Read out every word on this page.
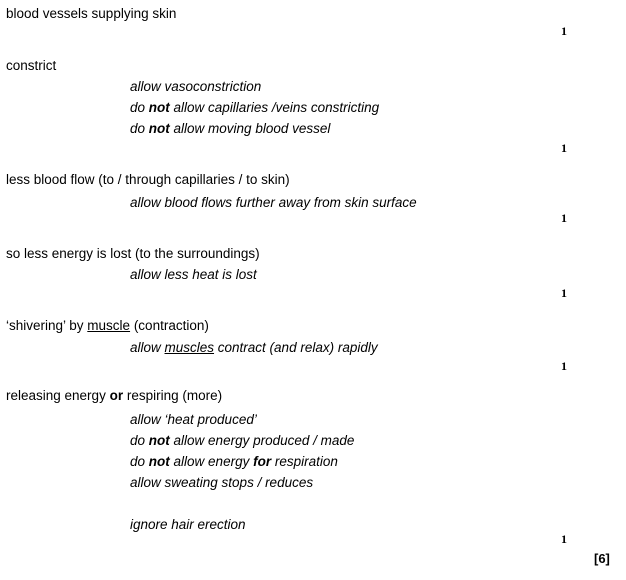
blood vessels supplying skin
constrict
allow vasoconstriction
do not allow capillaries /veins constricting
do not allow moving blood vessel
less blood flow (to / through capillaries / to skin)
allow blood flows further away from skin surface
so less energy is lost (to the surroundings)
allow less heat is lost
‘shivering’ by muscle (contraction)
allow muscles contract (and relax) rapidly
releasing energy or respiring (more)
allow ‘heat produced’
do not allow energy produced / made
do not allow energy for respiration
allow sweating stops / reduces
ignore hair erection
1
1
1
1
1
1
[6]
